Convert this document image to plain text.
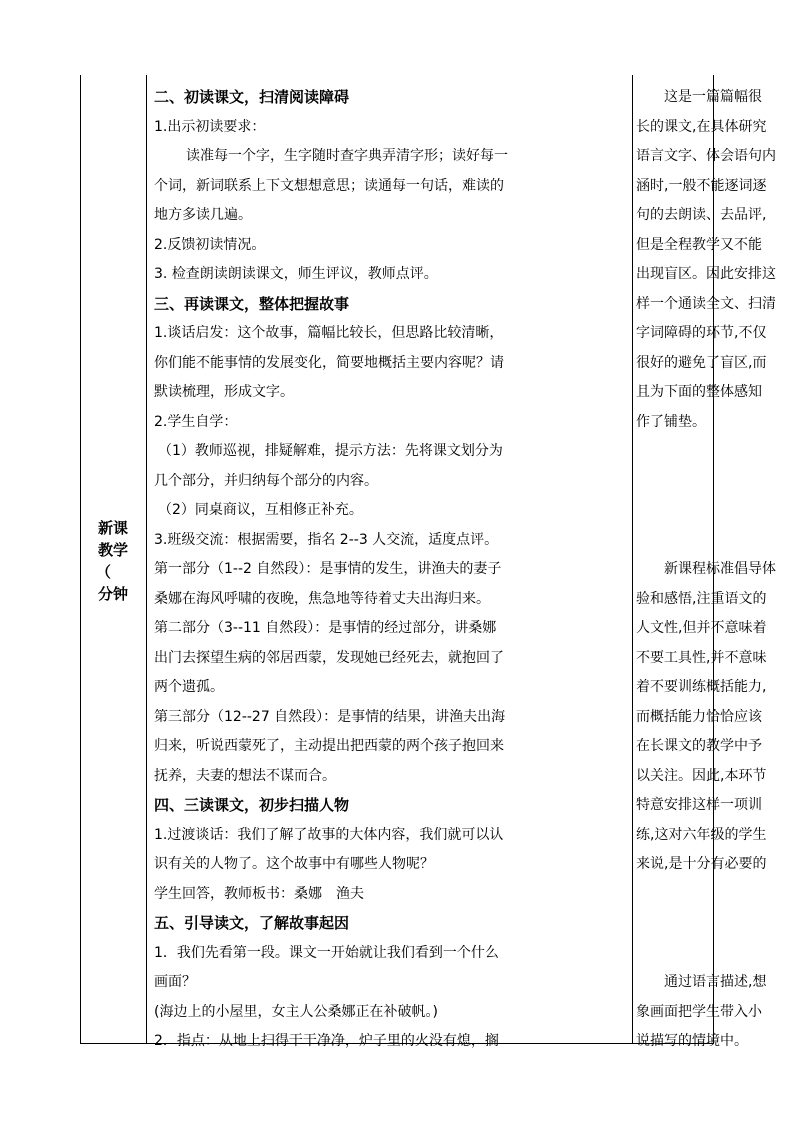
新课
教学
（
分钟

二、初读课文，扫清阅读障碍

1.出示初读要求：

读准每一个字，生字随时查字典弄清字形；读好每一

个词，新词联系上下文想想意思；读通每一句话，难读的

地方多读几遍。

2.反馈初读情况。

3. 检查朗读朗读课文，师生评议，教师点评。

三、再读课文，整体把握故事

1.谈话启发：这个故事，篇幅比较长，但思路比较清晰，

你们能不能事情的发展变化，简要地概括主要内容呢？请

默读梳理，形成文字。

2.学生自学：

（1）教师巡视，排疑解难，提示方法：先将课文划分为

几个部分，并归纳每个部分的内容。

（2）同桌商议，互相修正补充。

3.班级交流：根据需要，指名 2--3 人交流，适度点评。

第一部分（1--2 自然段）：是事情的发生，讲渔夫的妻子

桑娜在海风呼啸的夜晚，焦急地等待着丈夫出海归来。

第二部分（3--11 自然段）：是事情的经过部分，讲桑娜

出门去探望生病的邻居西蒙，发现她已经死去，就抱回了

两个遗孤。

第三部分（12--27 自然段）：是事情的结果，讲渔夫出海

归来，听说西蒙死了，主动提出把西蒙的两个孩子抱回来

抚养，夫妻的想法不谋而合。

四、三读课文，初步扫描人物

1.过渡谈话：我们了解了故事的大体内容，我们就可以认

识有关的人物了。这个故事中有哪些人物呢？

学生回答，教师板书：桑娜　渔夫

五、引导读文，了解故事起因

1．我们先看第一段。课文一开始就让我们看到一个什么

画面？

(海边上的小屋里，女主人公桑娜正在补破帆。)

2．指点：从地上扫得干干净净，炉子里的火没有熄，搁

这是一篇篇幅很

长的课文,在具体研究

语言文字、体会语句内

涵时,一般不能逐词逐

句的去朗读、去品评,

但是全程教学又不能

出现盲区。因此安排这

样一个通读全文、扫清

字词障碍的环节,不仅

很好的避免了盲区,而

且为下面的整体感知

作了铺垫。

新课程标准倡导体

验和感悟,注重语文的

人文性,但并不意味着

不要工具性,并不意味

着不要训练概括能力,

而概括能力恰恰应该

在长课文的教学中予

以关注。因此,本环节

特意安排这样一项训

练,这对六年级的学生

来说,是十分有必要的

通过语言描述,想

象画面把学生带入小

说描写的情境中。
